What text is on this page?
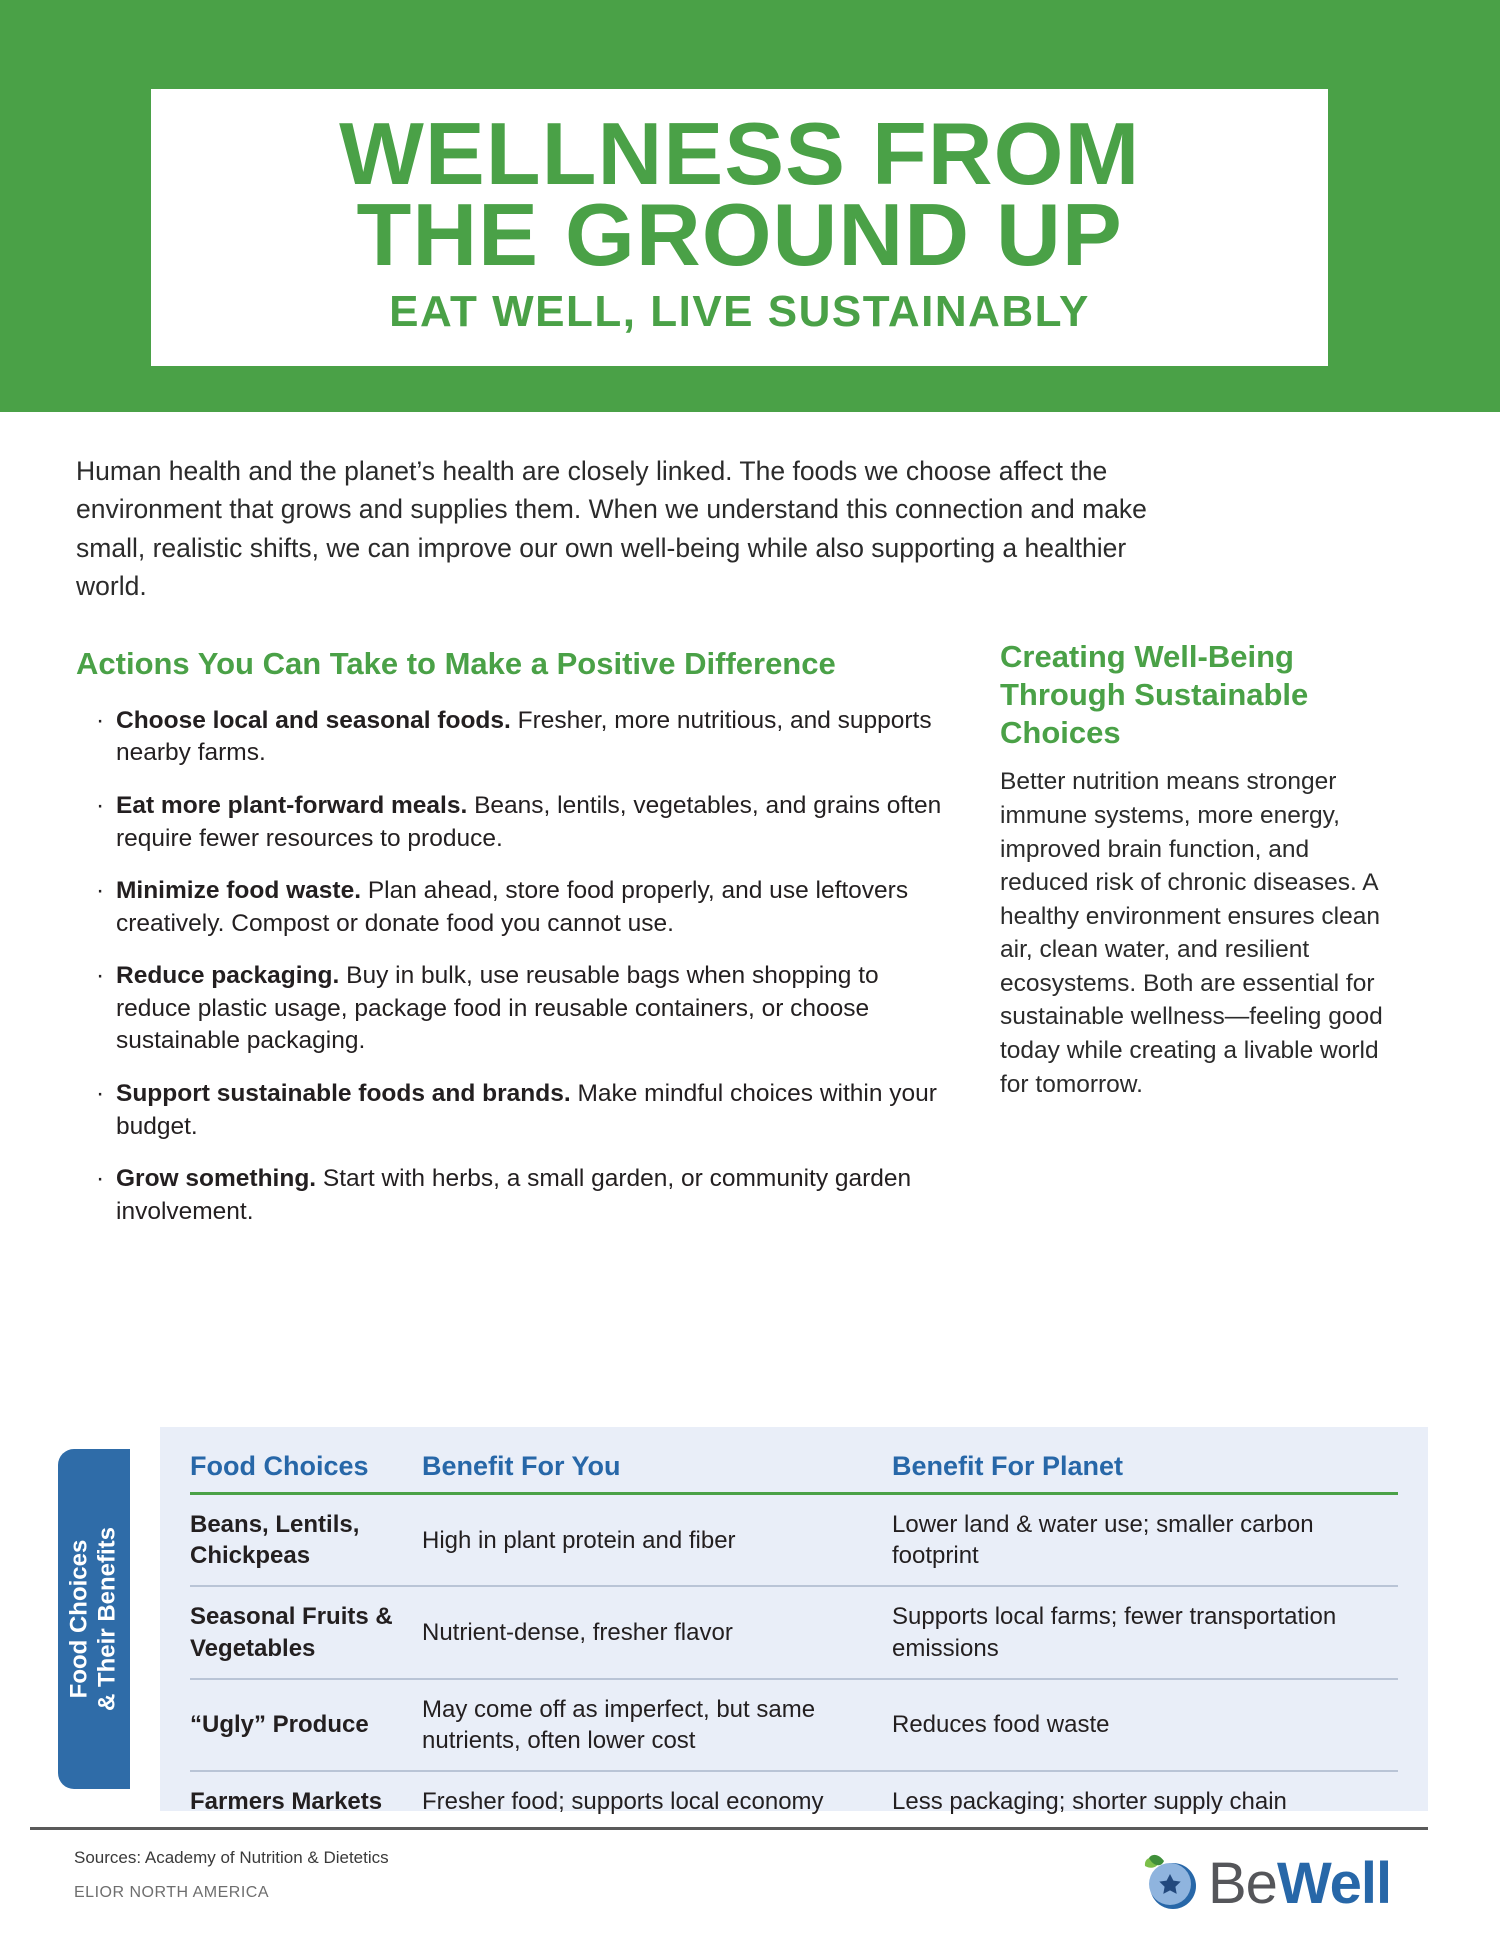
WELLNESS FROM
THE GROUND UP
EAT WELL, LIVE SUSTAINABLY

Human health and the planet’s health are closely linked. The foods we choose affect the environment that grows and supplies them. When we understand this connection and make small, realistic shifts, we can improve our own well-being while also supporting a healthier world.

Actions You Can Take to Make a Positive Difference
· Choose local and seasonal foods. Fresher, more nutritious, and supports nearby farms.
· Eat more plant-forward meals. Beans, lentils, vegetables, and grains often require fewer resources to produce.
· Minimize food waste. Plan ahead, store food properly, and use leftovers creatively. Compost or donate food you cannot use.
· Reduce packaging. Buy in bulk, use reusable bags when shopping to reduce plastic usage, package food in reusable containers, or choose sustainable packaging.
· Support sustainable foods and brands. Make mindful choices within your budget.
· Grow something. Start with herbs, a small garden, or community garden involvement.
Creating Well-Being Through Sustainable Choices

Better nutrition means stronger immune systems, more energy, improved brain function, and reduced risk of chronic diseases. A healthy environment ensures clean air, clean water, and resilient ecosystems. Both are essential for sustainable wellness—feeling good today while creating a livable world for tomorrow.

Food Choices & Their Benefits
Food Choices	Benefit For You	Benefit For Planet
Beans, Lentils, Chickpeas	High in plant protein and fiber	Lower land & water use; smaller carbon footprint
Seasonal Fruits & Vegetables	Nutrient-dense, fresher flavor	Supports local farms; fewer transportation emissions
“Ugly” Produce	May come off as imperfect, but same nutrients, often lower cost	Reduces food waste
Farmers Markets	Fresher food; supports local economy	Less packaging; shorter supply chain
Sources: Academy of Nutrition & Dietetics
ELIOR NORTH AMERICA	BeWell
